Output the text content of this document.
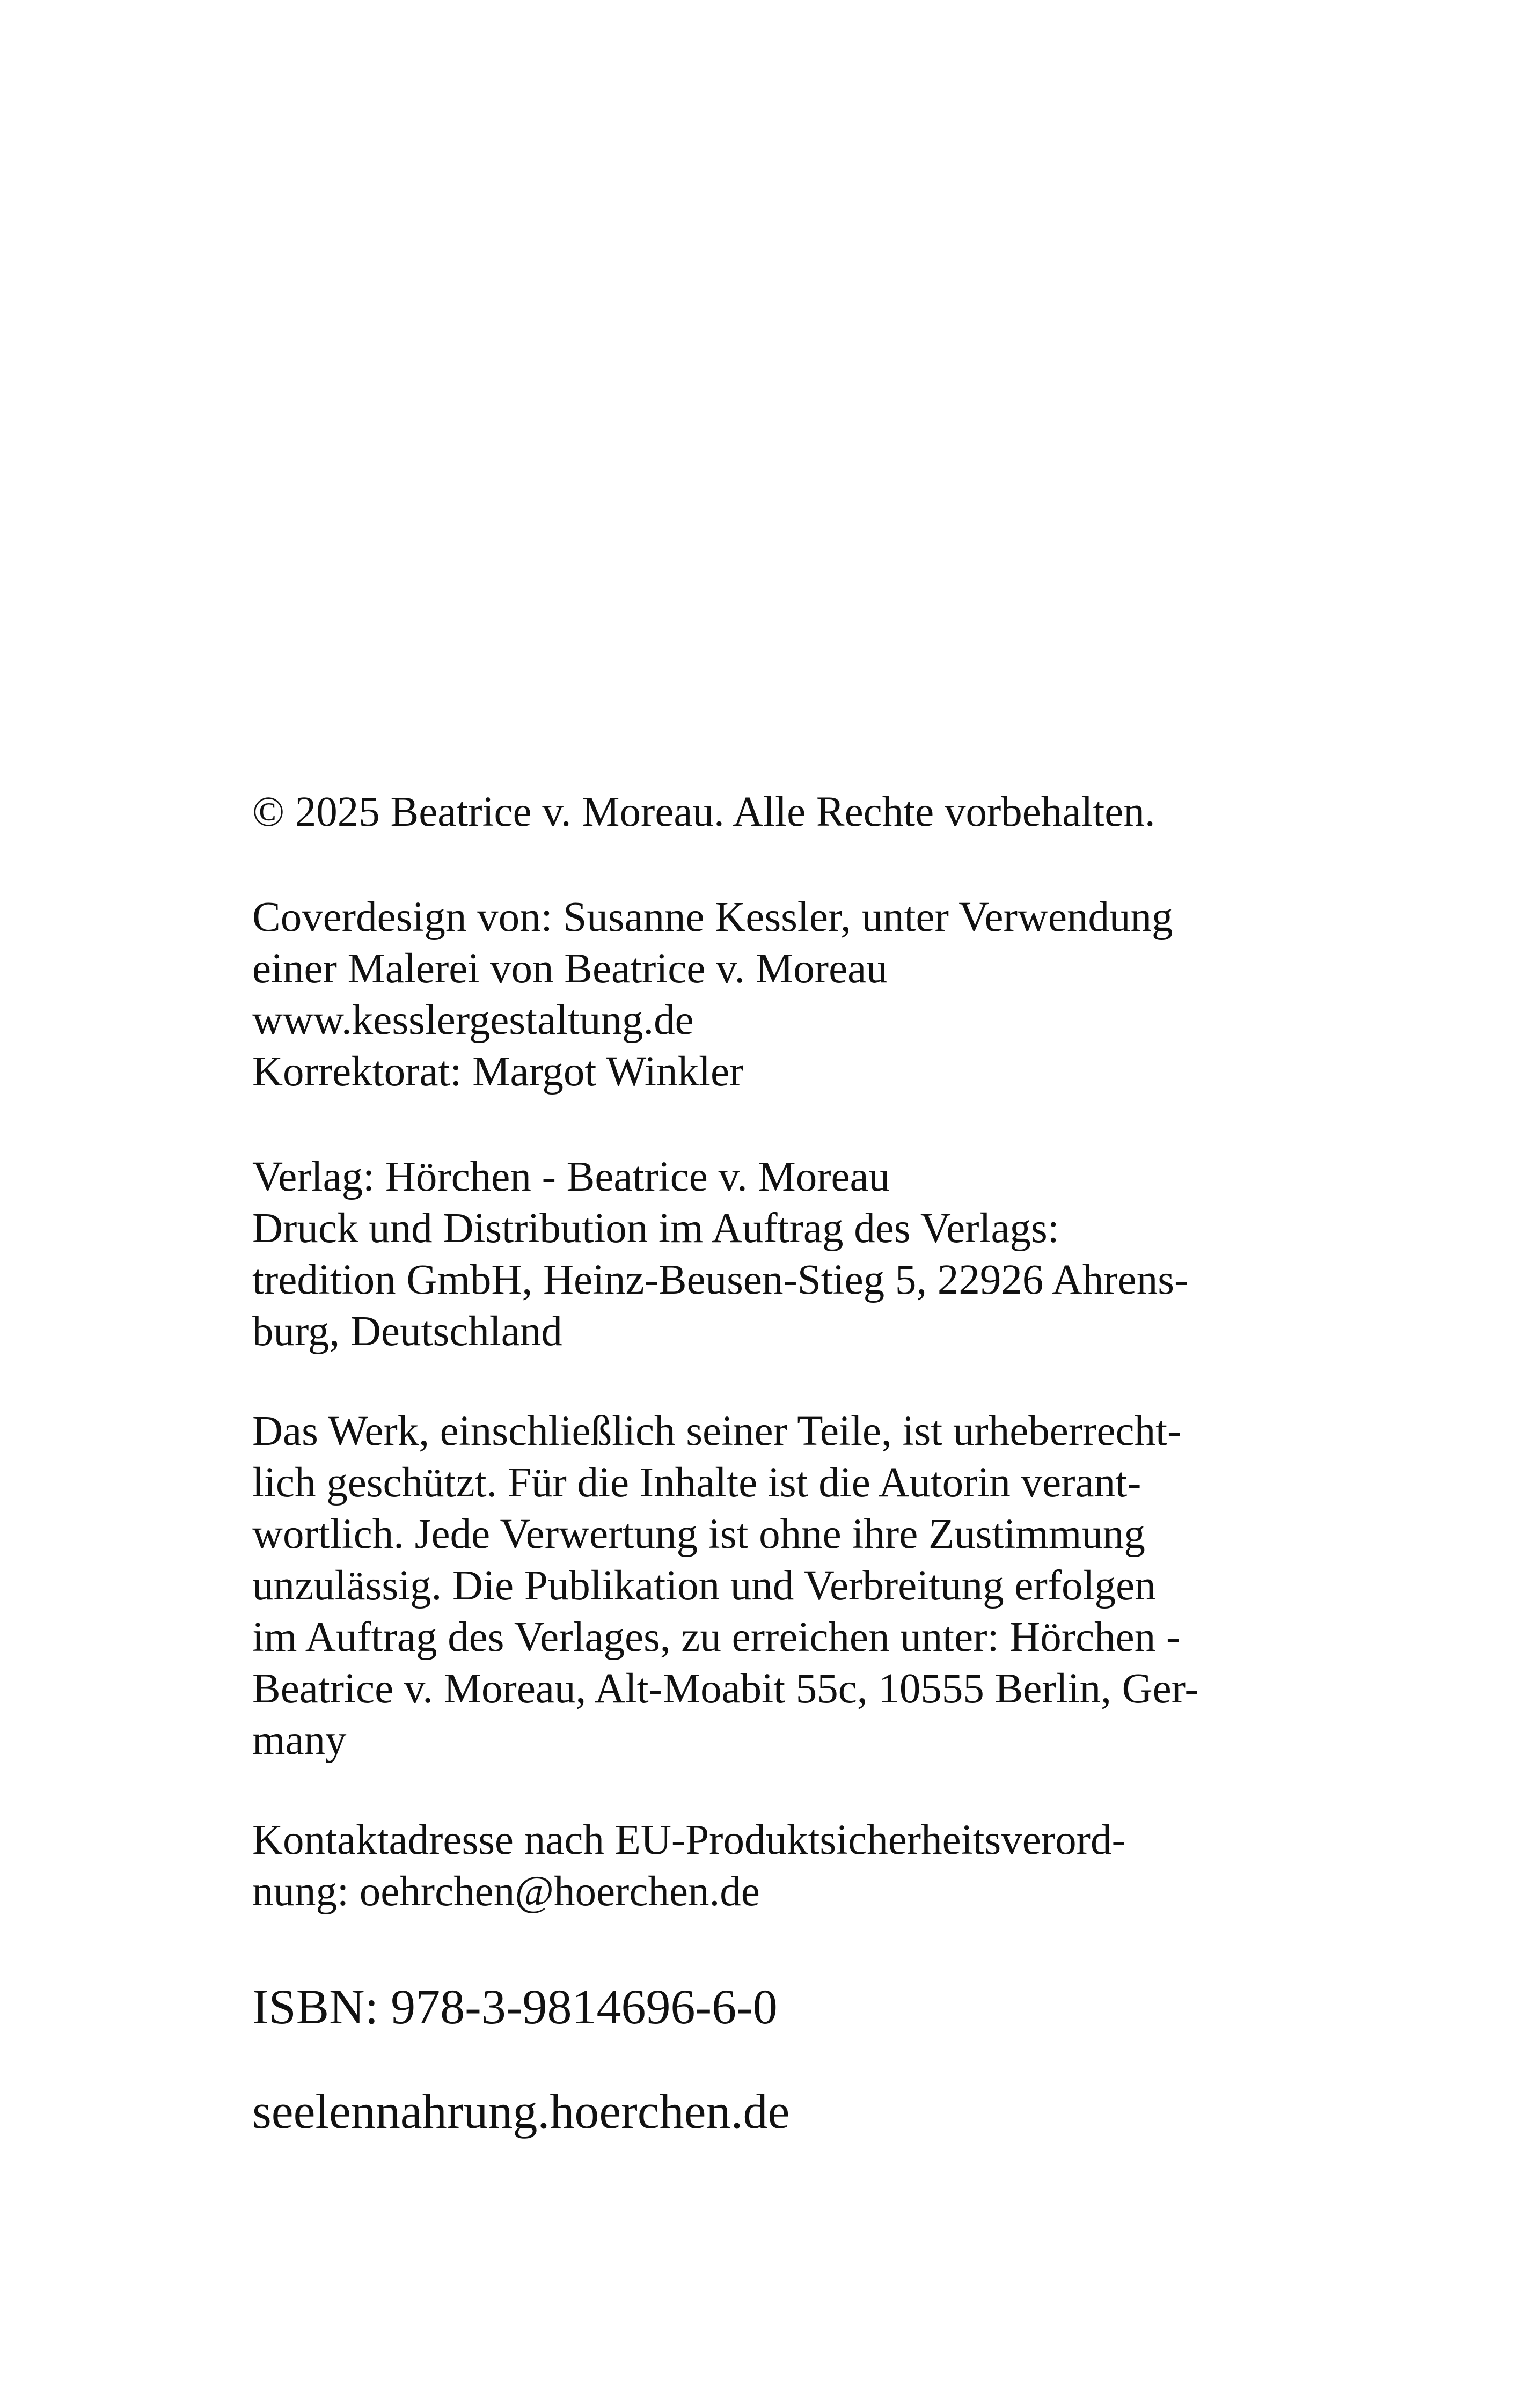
© 2025 Beatrice v. Moreau. Alle Rechte vorbehalten.

Coverdesign von: Susanne Kessler, unter Verwendung
einer Malerei von Beatrice v. Moreau
www.kesslergestaltung.de
Korrektorat: Margot Winkler

Verlag: Hörchen - Beatrice v. Moreau
Druck und Distribution im Auftrag des Verlags:
tredition GmbH, Heinz-Beusen-Stieg 5, 22926 Ahrens-
burg, Deutschland

Das Werk, einschließlich seiner Teile, ist urheberrecht-
lich geschützt. Für die Inhalte ist die Autorin verant-
wortlich. Jede Verwertung ist ohne ihre Zustimmung
unzulässig. Die Publikation und Verbreitung erfolgen
im Auftrag des Verlages, zu erreichen unter: Hörchen -
Beatrice v. Moreau, Alt-Moabit 55c, 10555 Berlin, Ger-
many

Kontaktadresse nach EU-Produktsicherheitsverord-
nung: oehrchen@hoerchen.de

ISBN: 978-3-9814696-6-0
seelennahrung.hoerchen.de
